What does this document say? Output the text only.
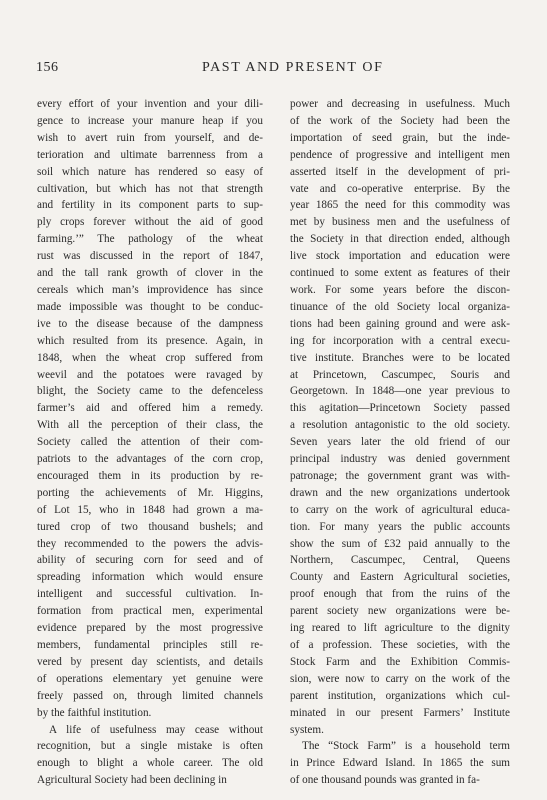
156	PAST AND PRESENT OF
every effort of your invention and your dili-
gence to increase your manure heap if you
wish to avert ruin from yourself, and de-
terioration and ultimate barrenness from a
soil which nature has rendered so easy of
cultivation, but which has not that strength
and fertility in its component parts to sup-
ply crops forever without the aid of good
farming.’” The pathology of the wheat
rust was discussed in the report of 1847,
and the tall rank growth of clover in the
cereals which man’s improvidence has since
made impossible was thought to be conduc-
ive to the disease because of the dampness
which resulted from its presence. Again, in
1848, when the wheat crop suffered from
weevil and the potatoes were ravaged by
blight, the Society came to the defenceless
farmer’s aid and offered him a remedy.
With all the perception of their class, the
Society called the attention of their com-
patriots to the advantages of the corn crop,
encouraged them in its production by re-
porting the achievements of Mr. Higgins,
of Lot 15, who in 1848 had grown a ma-
tured crop of two thousand bushels; and
they recommended to the powers the advis-
ability of securing corn for seed and of
spreading information which would ensure
intelligent and successful cultivation. In-
formation from practical men, experimental
evidence prepared by the most progressive
members, fundamental principles still re-
vered by present day scientists, and details
of operations elementary yet genuine were
freely passed on, through limited channels
by the faithful institution.
A life of usefulness may cease without
recognition, but a single mistake is often
enough to blight a whole career. The old
Agricultural Society had been declining in
power and decreasing in usefulness. Much
of the work of the Society had been the
importation of seed grain, but the inde-
pendence of progressive and intelligent men
asserted itself in the development of pri-
vate and co-operative enterprise. By the
year 1865 the need for this commodity was
met by business men and the usefulness of
the Society in that direction ended, although
live stock importation and education were
continued to some extent as features of their
work. For some years before the discon-
tinuance of the old Society local organiza-
tions had been gaining ground and were ask-
ing for incorporation with a central execu-
tive institute. Branches were to be located
at Princetown, Cascumpec, Souris and
Georgetown. In 1848—one year previous to
this agitation—Princetown Society passed
a resolution antagonistic to the old society.
Seven years later the old friend of our
principal industry was denied government
patronage; the government grant was with-
drawn and the new organizations undertook
to carry on the work of agricultural educa-
tion. For many years the public accounts
show the sum of £32 paid annually to the
Northern, Cascumpec, Central, Queens
County and Eastern Agricultural societies,
proof enough that from the ruins of the
parent society new organizations were be-
ing reared to lift agriculture to the dignity
of a profession. These societies, with the
Stock Farm and the Exhibition Commis-
sion, were now to carry on the work of the
parent institution, organizations which cul-
minated in our present Farmers’ Institute
system.
The “Stock Farm” is a household term
in Prince Edward Island. In 1865 the sum
of one thousand pounds was granted in fa-
